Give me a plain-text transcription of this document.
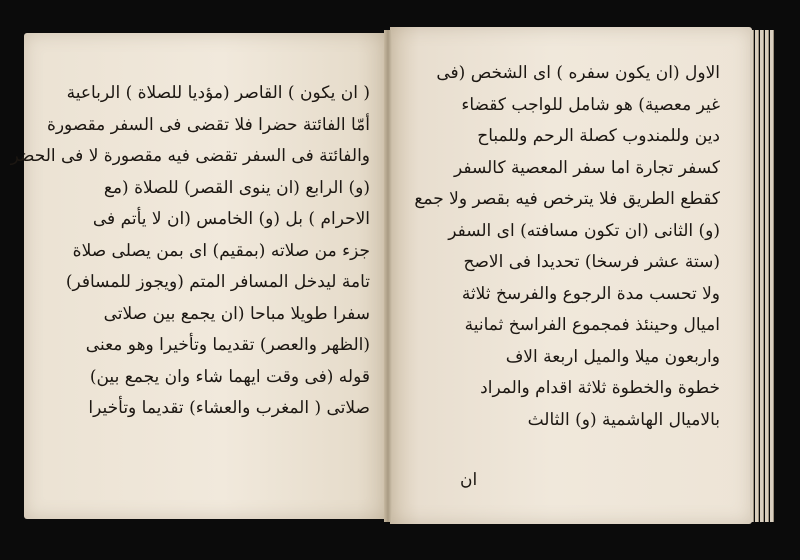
( ان يكون ) القاصر (مؤديا للصلاة ) الرباعية
أمّا الفائتة حضرا فلا تقضى فى السفر مقصورة
والفائتة فى السفر تقضى فيه مقصورة لا فى الحضر
(و) الرابع (ان ينوى القصر) للصلاة (مع
الاحرام ) بل (و) الخامس (ان لا يأتم فى
جزء من صلاته (بمقيم) اى بمن يصلى صلاة
تامة ليدخل المسافر المتم (ويجوز للمسافر)
سفرا طويلا مباحا (ان يجمع بين صلاتى
(الظهر والعصر) تقديما وتأخيرا وهو معنى
قوله (فى وقت ايهما شاء وان يجمع بين)
صلاتى ( المغرب والعشاء) تقديما وتأخيرا
الاول (ان يكون سفره ) اى الشخص (فى
غير معصية) هو شامل للواجب كقضاء
دين وللمندوب كصلة الرحم وللمباح
كسفر تجارة اما سفر المعصية كالسفر
كقطع الطريق فلا يترخص فيه بقصر ولا جمع
(و) الثانى (ان تكون مسافته) اى السفر
(ستة عشر فرسخا) تحديدا فى الاصح
ولا تحسب مدة الرجوع والفرسخ ثلاثة
اميال وحينئذ فمجموع الفراسخ ثمانية
واربعون ميلا والميل اربعة الاف
خطوة والخطوة ثلاثة اقدام والمراد
بالاميال الهاشمية (و) الثالث
ان
